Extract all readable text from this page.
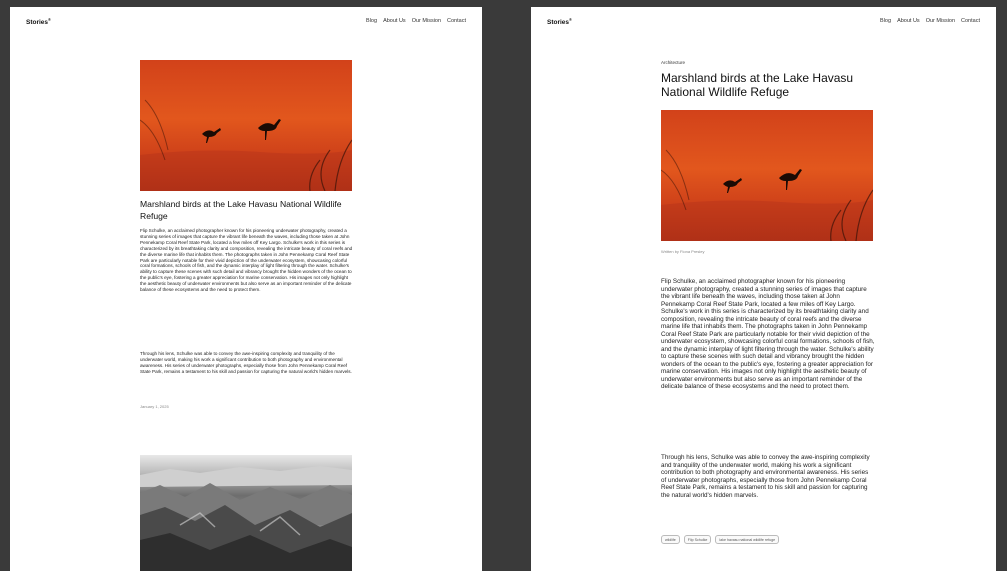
Stories®	Blog About Us Our Mission Contact
Marshland birds at the Lake Havasu National Wildlife Refuge

Flip Schulke, an acclaimed photographer known for his pioneering underwater photography, created a stunning series of images that capture the vibrant life beneath the waves, including those taken at John Pennekamp Coral Reef State Park, located a few miles off Key Largo. Schulke's work in this series is characterized by its breathtaking clarity and composition, revealing the intricate beauty of coral reefs and the diverse marine life that inhabits them. The photographs taken in John Pennekamp Coral Reef State Park are particularly notable for their vivid depiction of the underwater ecosystem, showcasing colorful coral formations, schools of fish, and the dynamic interplay of light filtering through the water. Schulke's ability to capture these scenes with such detail and vibrancy brought the hidden wonders of the ocean to the public's eye, fostering a greater appreciation for marine conservation. His images not only highlight the aesthetic beauty of underwater environments but also serve as an important reminder of the delicate balance of these ecosystems and the need to protect them.

Through his lens, Schulke was able to convey the awe-inspiring complexity and tranquility of the underwater world, making his work a significant contribution to both photography and environmental awareness. His series of underwater photographs, especially those from John Pennekamp Coral Reef State Park, remains a testament to his skill and passion for capturing the natural world's hidden marvels.

January 1, 2025
Stories®	Blog About Us Our Mission Contact
Architecture
Marshland birds at the Lake Havasu National Wildlife Refuge
Written by Fiona Presley

Flip Schulke, an acclaimed photographer known for his pioneering underwater photography, created a stunning series of images that capture the vibrant life beneath the waves, including those taken at John Pennekamp Coral Reef State Park, located a few miles off Key Largo. Schulke's work in this series is characterized by its breathtaking clarity and composition, revealing the intricate beauty of coral reefs and the diverse marine life that inhabits them. The photographs taken in John Pennekamp Coral Reef State Park are particularly notable for their vivid depiction of the underwater ecosystem, showcasing colorful coral formations, schools of fish, and the dynamic interplay of light filtering through the water. Schulke's ability to capture these scenes with such detail and vibrancy brought the hidden wonders of the ocean to the public's eye, fostering a greater appreciation for marine conservation. His images not only highlight the aesthetic beauty of underwater environments but also serve as an important reminder of the delicate balance of these ecosystems and the need to protect them.

Through his lens, Schulke was able to convey the awe-inspiring complexity and tranquility of the underwater world, making his work a significant contribution to both photography and environmental awareness. His series of underwater photographs, especially those from John Pennekamp Coral Reef State Park, remains a testament to his skill and passion for capturing the natural world's hidden marvels.

wildlife	Flip Schulke	lake havasu national wildlife refuge
